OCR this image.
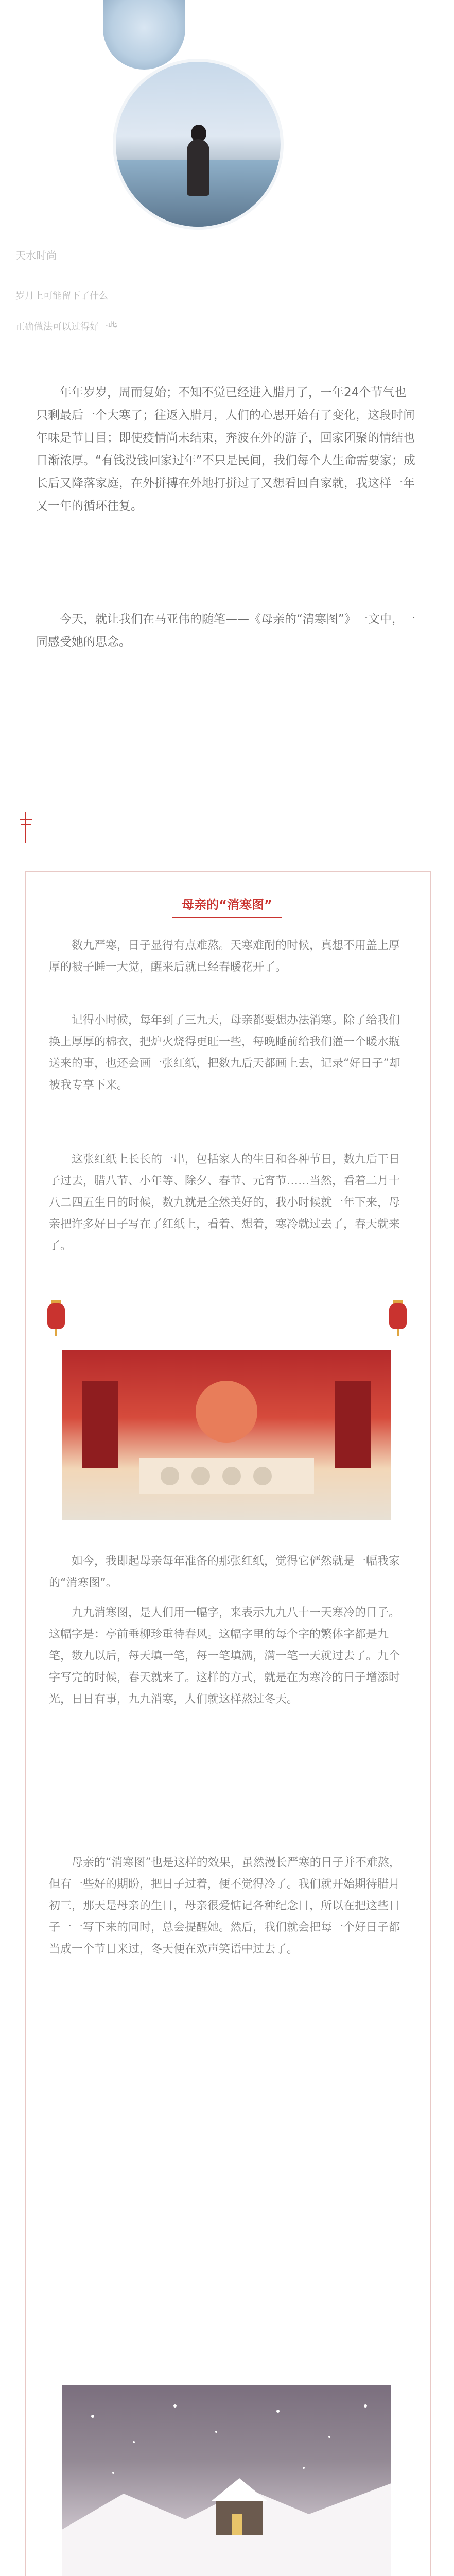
天水时尚
岁月上可能留下了什么
正确做法可以过得好一些
年年岁岁，周而复始；不知不觉已经进入腊月了，一年24个节气也只剩最后一个大寒了；往返入腊月，人们的心思开始有了变化，这段时间年味是节日目；即使疫情尚未结束，奔波在外的游子，回家团聚的情结也日渐浓厚。“有钱没钱回家过年”不只是民间，我们每个人生命需要家；成长后又降落家庭，在外拼搏在外地打拼过了又想看回自家就，我这样一年又一年的循环往复。
今天，就让我们在马亚伟的随笔——《母亲的“清寒图”》一文中，一同感受她的思念。
母亲的“消寒图”
数九严寒，日子显得有点难熬。天寒难耐的时候，真想不用盖上厚厚的被子睡一大觉，醒来后就已经春暖花开了。
记得小时候，每年到了三九天，母亲都要想办法消寒。除了给我们换上厚厚的棉衣，把炉火烧得更旺一些，每晚睡前给我们灌一个暖水瓶送来的事，也还会画一张红纸，把数九后天都画上去，记录“好日子”却被我专享下来。
这张红纸上长长的一串，包括家人的生日和各种节日，数九后干日子过去，腊八节、小年等、除夕、春节、元宵节……当然，看着二月十八二四五生日的时候，数九就是全然美好的，我小时候就一年下来，母亲把许多好日子写在了红纸上，看着、想着，寒冷就过去了，春天就来了。
如今，我即起母亲每年准备的那张红纸，觉得它俨然就是一幅我家的“消寒图”。
九九消寒图，是人们用一幅字，来表示九九八十一天寒冷的日子。这幅字是：亭前垂柳珍重待春风。这幅字里的每个字的繁体字都是九笔，数九以后，每天填一笔，每一笔填满，满一笔一天就过去了。九个字写完的时候，春天就来了。这样的方式，就是在为寒冷的日子增添时光，日日有事，九九消寒，人们就这样熬过冬天。
母亲的“消寒图”也是这样的效果，虽然漫长严寒的日子并不难熬，但有一些好的期盼，把日子过着，便不觉得冷了。我们就开始期待腊月初三，那天是母亲的生日，母亲很爱惦记各种纪念日，所以在把这些日子一一写下来的同时，总会提醒她。然后，我们就会把每一个好日子都当成一个节日来过，冬天便在欢声笑语中过去了。
